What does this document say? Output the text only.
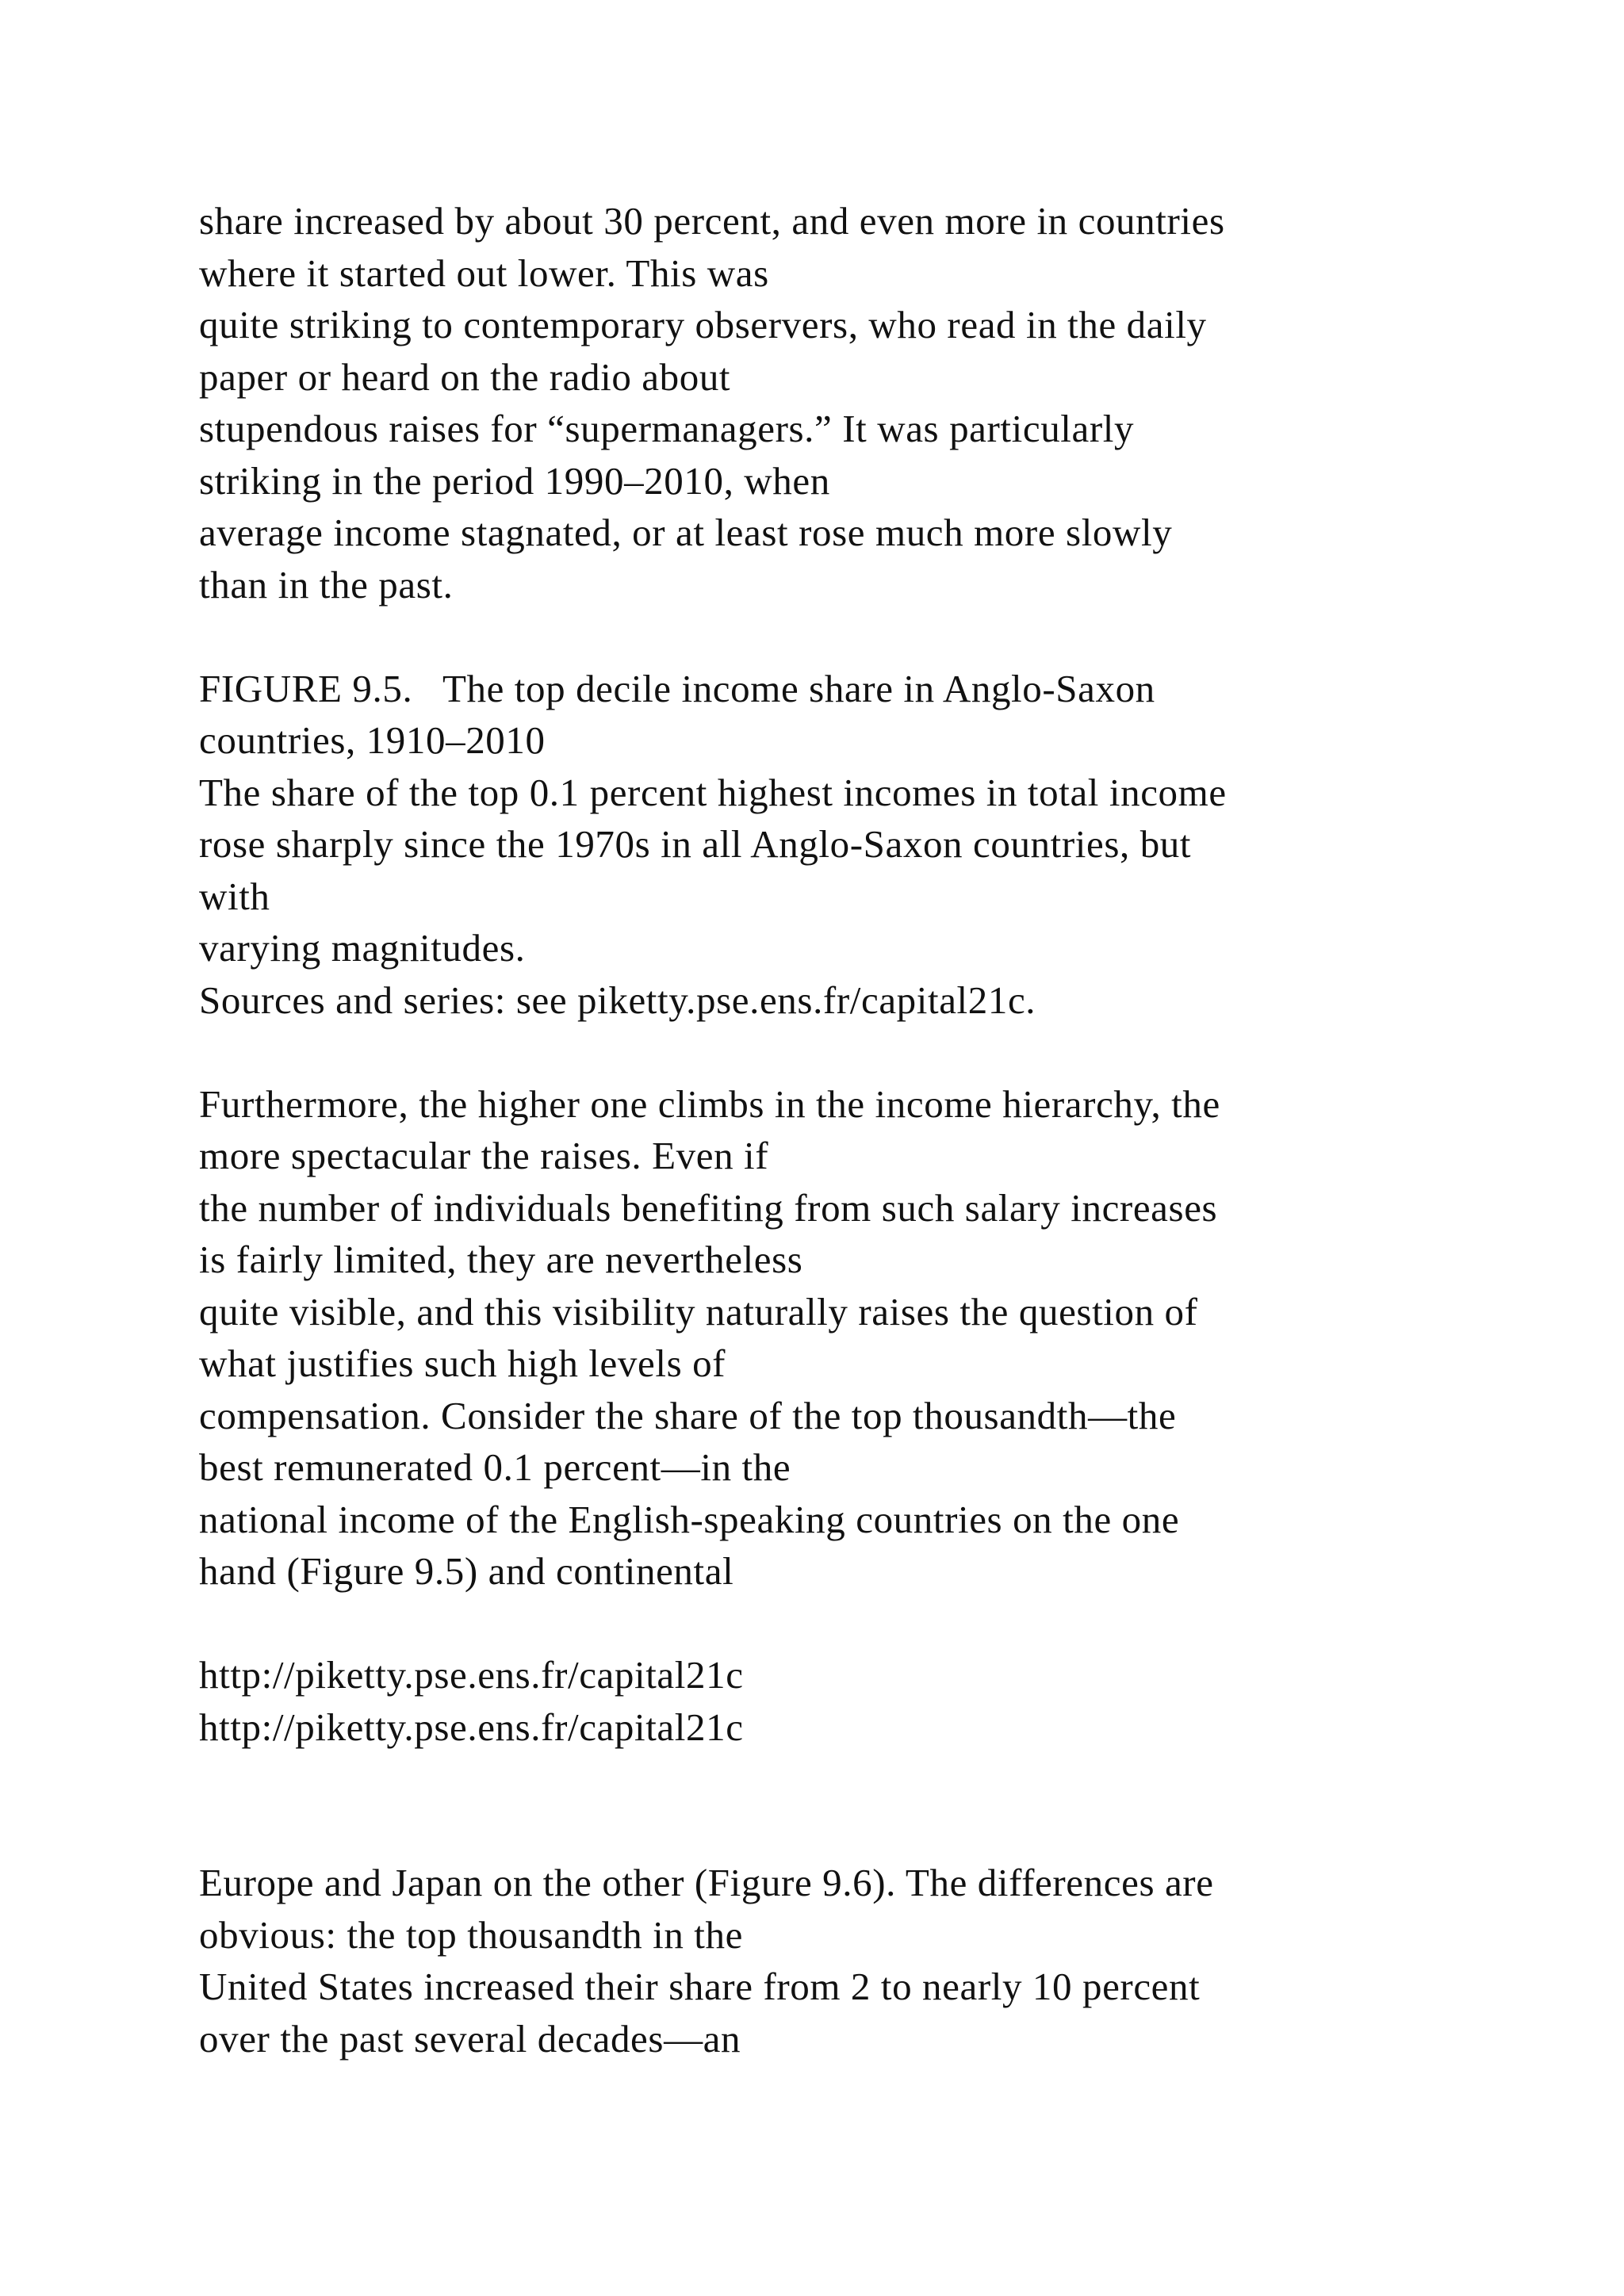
share increased by about 30 percent, and even more in countries
where it started out lower. This was
quite striking to contemporary observers, who read in the daily
paper or heard on the radio about
stupendous raises for “supermanagers.” It was particularly
striking in the period 1990–2010, when
average income stagnated, or at least rose much more slowly
than in the past.
FIGURE 9.5.   The top decile income share in Anglo-Saxon
countries, 1910–2010
The share of the top 0.1 percent highest incomes in total income
rose sharply since the 1970s in all Anglo-Saxon countries, but
with
varying magnitudes.
Sources and series: see piketty.pse.ens.fr/capital21c.
Furthermore, the higher one climbs in the income hierarchy, the
more spectacular the raises. Even if
the number of individuals benefiting from such salary increases
is fairly limited, they are nevertheless
quite visible, and this visibility naturally raises the question of
what justifies such high levels of
compensation. Consider the share of the top thousandth—the
best remunerated 0.1 percent—in the
national income of the English-speaking countries on the one
hand (Figure 9.5) and continental
http://piketty.pse.ens.fr/capital21c
http://piketty.pse.ens.fr/capital21c
Europe and Japan on the other (Figure 9.6). The differences are
obvious: the top thousandth in the
United States increased their share from 2 to nearly 10 percent
over the past several decades—an
